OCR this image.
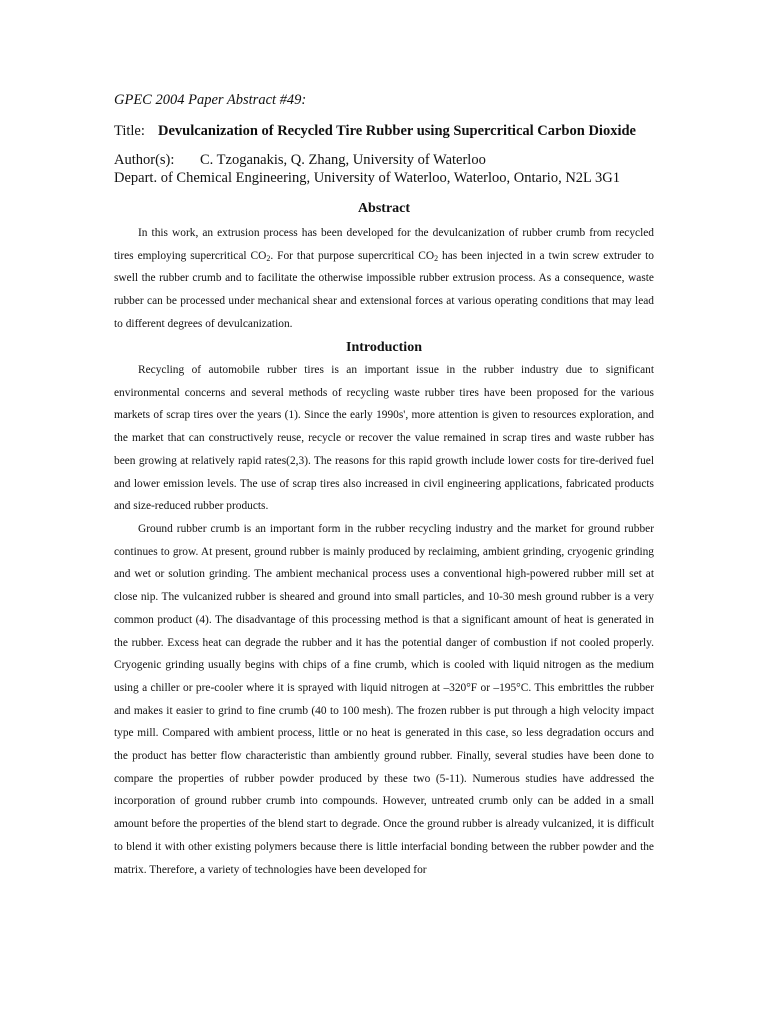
GPEC 2004 Paper Abstract #49:
Title: Devulcanization of Recycled Tire Rubber using Supercritical Carbon Dioxide
Author(s): C. Tzoganakis, Q. Zhang, University of Waterloo
Depart. of Chemical Engineering, University of Waterloo, Waterloo, Ontario, N2L 3G1
Abstract
In this work, an extrusion process has been developed for the devulcanization of rubber crumb from recycled tires employing supercritical $CO_2$. For that purpose supercritical $CO_2$ has been injected in a twin screw extruder to swell the rubber crumb and to facilitate the otherwise impossible rubber extrusion process. As a consequence, waste rubber can be processed under mechanical shear and extensional forces at various operating conditions that may lead to different degrees of devulcanization.
Introduction
Recycling of automobile rubber tires is an important issue in the rubber industry due to significant environmental concerns and several methods of recycling waste rubber tires have been proposed for the various markets of scrap tires over the years (1). Since the early 1990s', more attention is given to resources exploration, and the market that can constructively reuse, recycle or recover the value remained in scrap tires and waste rubber has been growing at relatively rapid rates(2,3). The reasons for this rapid growth include lower costs for tire-derived fuel and lower emission levels. The use of scrap tires also increased in civil engineering applications, fabricated products and size-reduced rubber products.
Ground rubber crumb is an important form in the rubber recycling industry and the market for ground rubber continues to grow. At present, ground rubber is mainly produced by reclaiming, ambient grinding, cryogenic grinding and wet or solution grinding. The ambient mechanical process uses a conventional high-powered rubber mill set at close nip. The vulcanized rubber is sheared and ground into small particles, and 10-30 mesh ground rubber is a very common product (4). The disadvantage of this processing method is that a significant amount of heat is generated in the rubber. Excess heat can degrade the rubber and it has the potential danger of combustion if not cooled properly. Cryogenic grinding usually begins with chips of a fine crumb, which is cooled with liquid nitrogen as the medium using a chiller or pre-cooler where it is sprayed with liquid nitrogen at –320°F or –195°C. This embrittles the rubber and makes it easier to grind to fine crumb (40 to 100 mesh). The frozen rubber is put through a high velocity impact type mill. Compared with ambient process, little or no heat is generated in this case, so less degradation occurs and the product has better flow characteristic than ambiently ground rubber. Finally, several studies have been done to compare the properties of rubber powder produced by these two (5-11). Numerous studies have addressed the incorporation of ground rubber crumb into compounds. However, untreated crumb only can be added in a small amount before the properties of the blend start to degrade. Once the ground rubber is already vulcanized, it is difficult to blend it with other existing polymers because there is little interfacial bonding between the rubber powder and the matrix. Therefore, a variety of technologies have been developed for
